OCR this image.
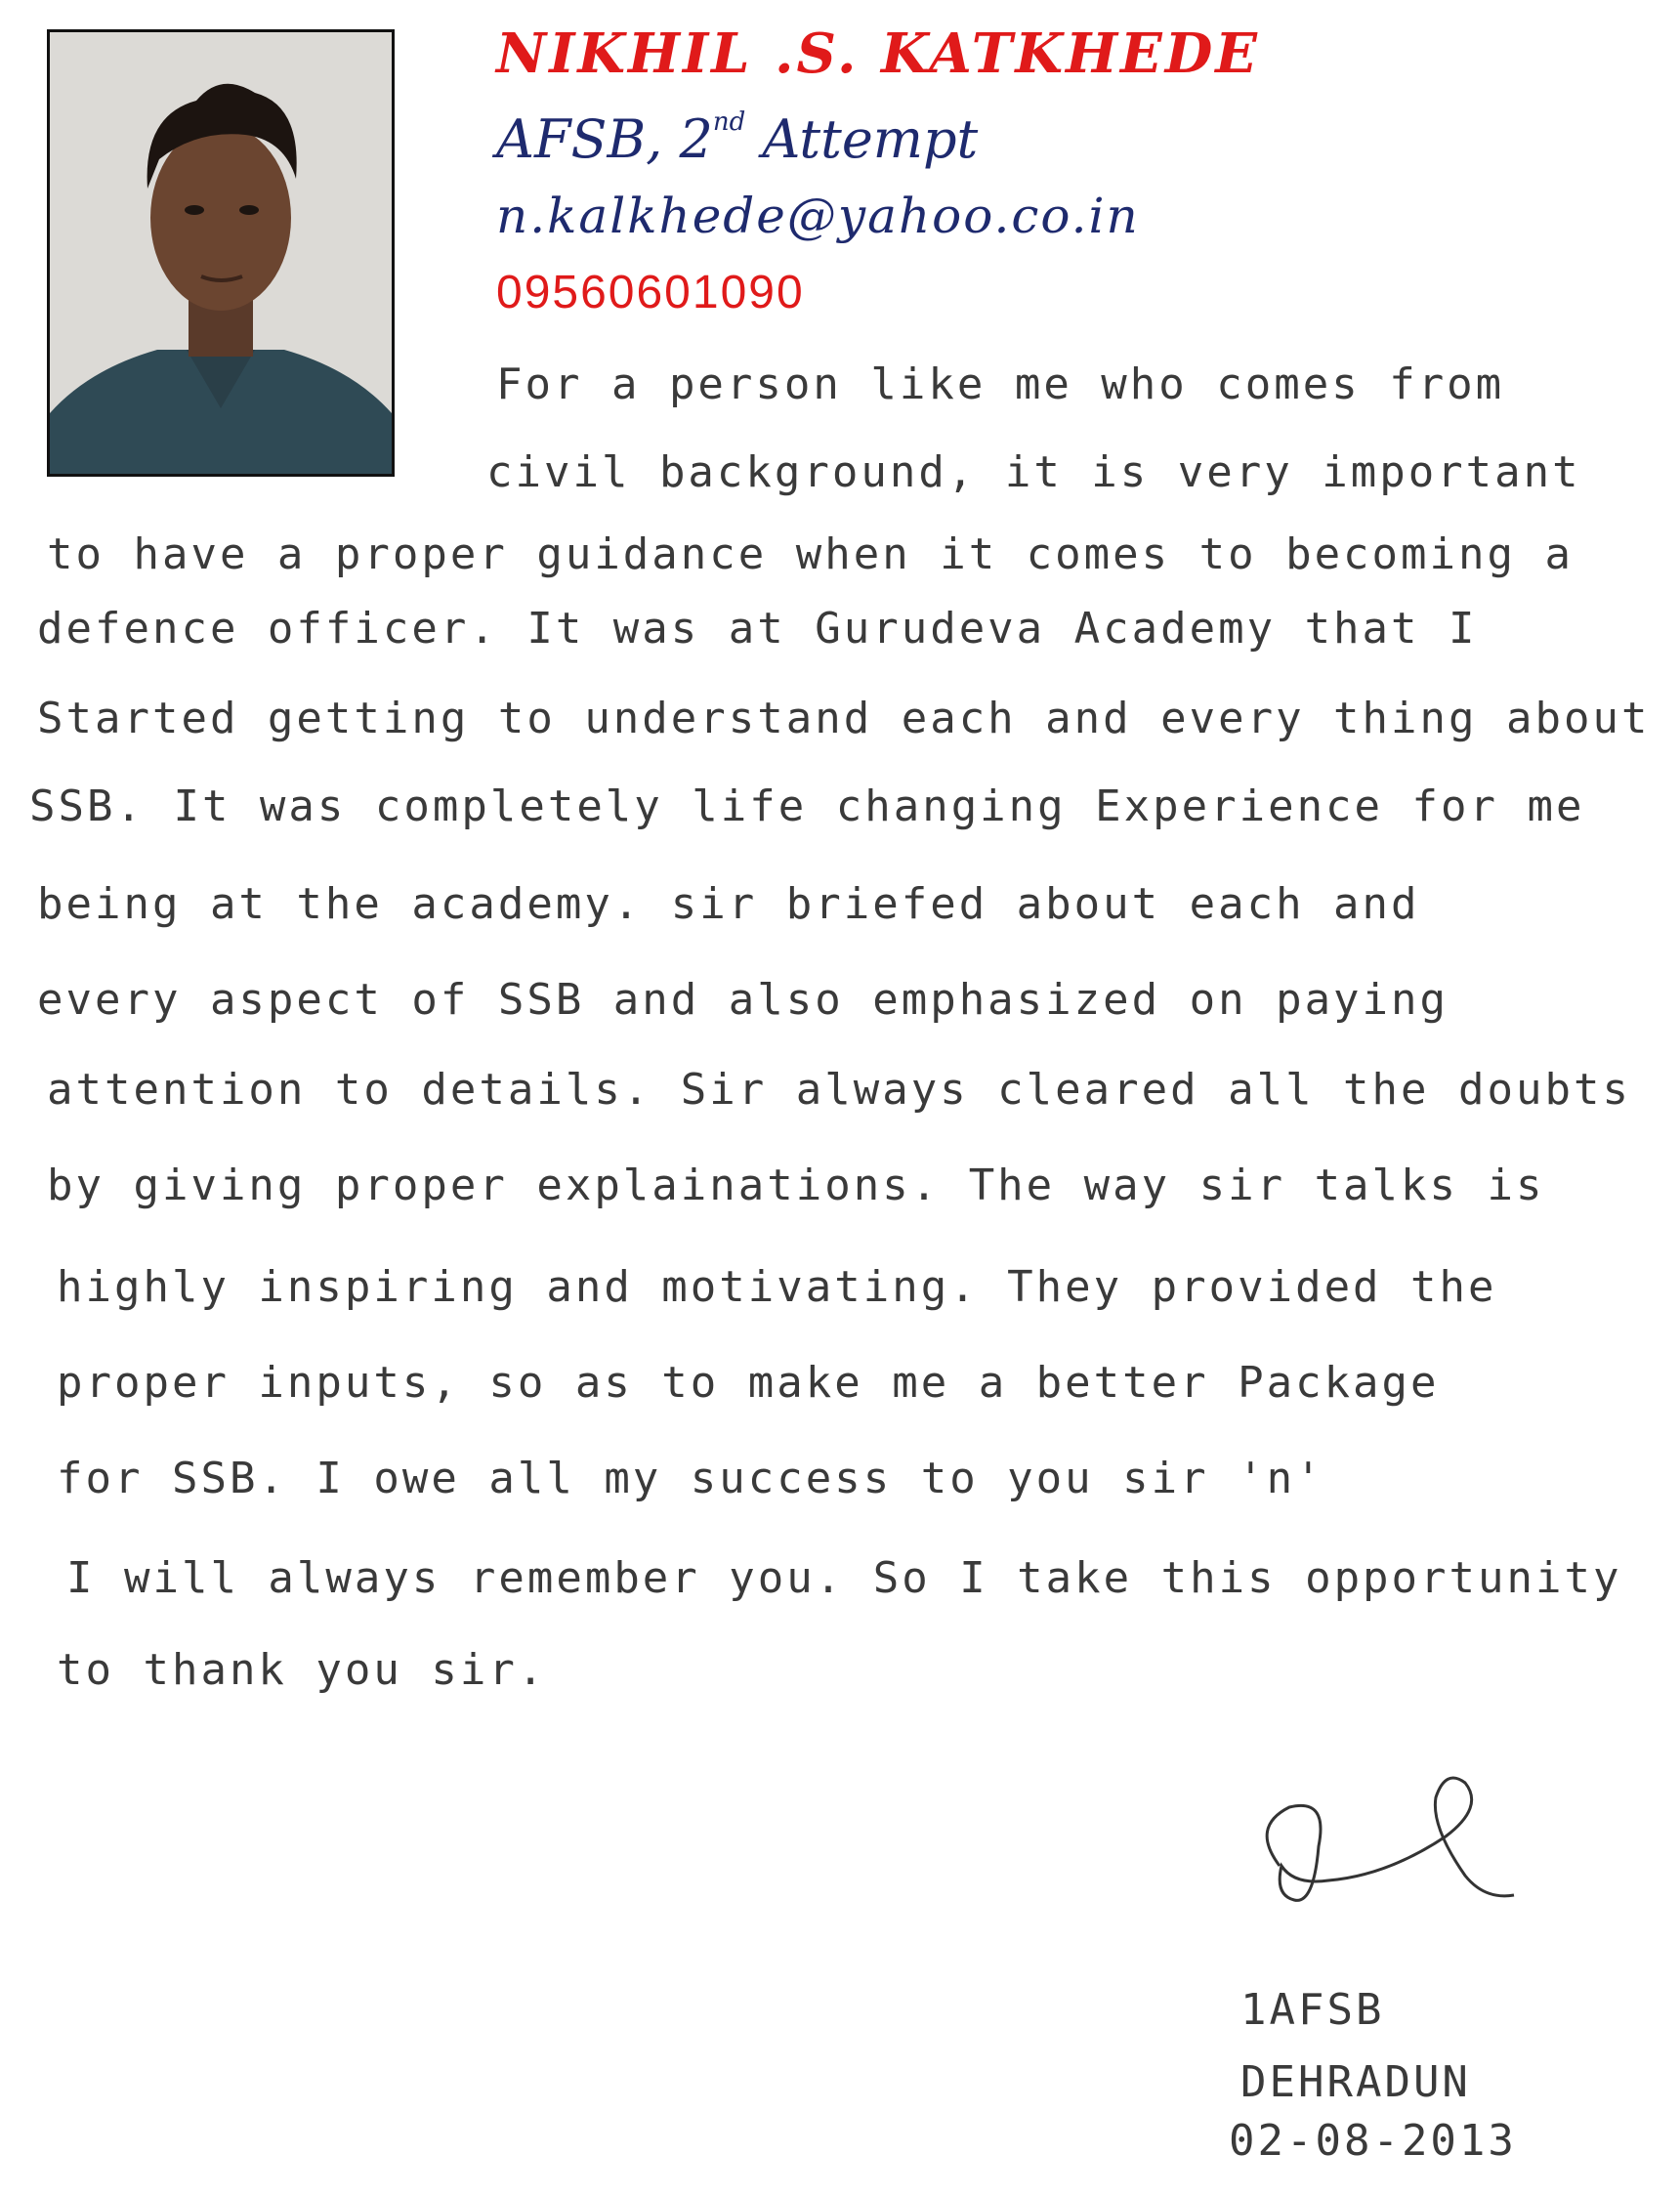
NIKHIL .S. KATKHEDE
AFSB, 2nd Attempt
n.kalkhede@yahoo.co.in
09560601090
For a person like me who comes from
civil background, it is very important
to have a proper guidance when it comes to becoming a
defence officer. It was at Gurudeva Academy that I
Started getting to understand each and every thing about
SSB. It was completely life changing Experience for me
being at the academy. sir briefed about each and
every aspect of SSB and also emphasized on paying
attention to details. Sir always cleared all the doubts
by giving proper explainations. The way sir talks is
highly inspiring and motivating. They provided the
proper inputs, so as to make me a better Package
for SSB. I owe all my success to you sir 'n'
I will always remember you. So I take this opportunity
to thank you sir.
1AFSB
DEHRADUN
02-08-2013
